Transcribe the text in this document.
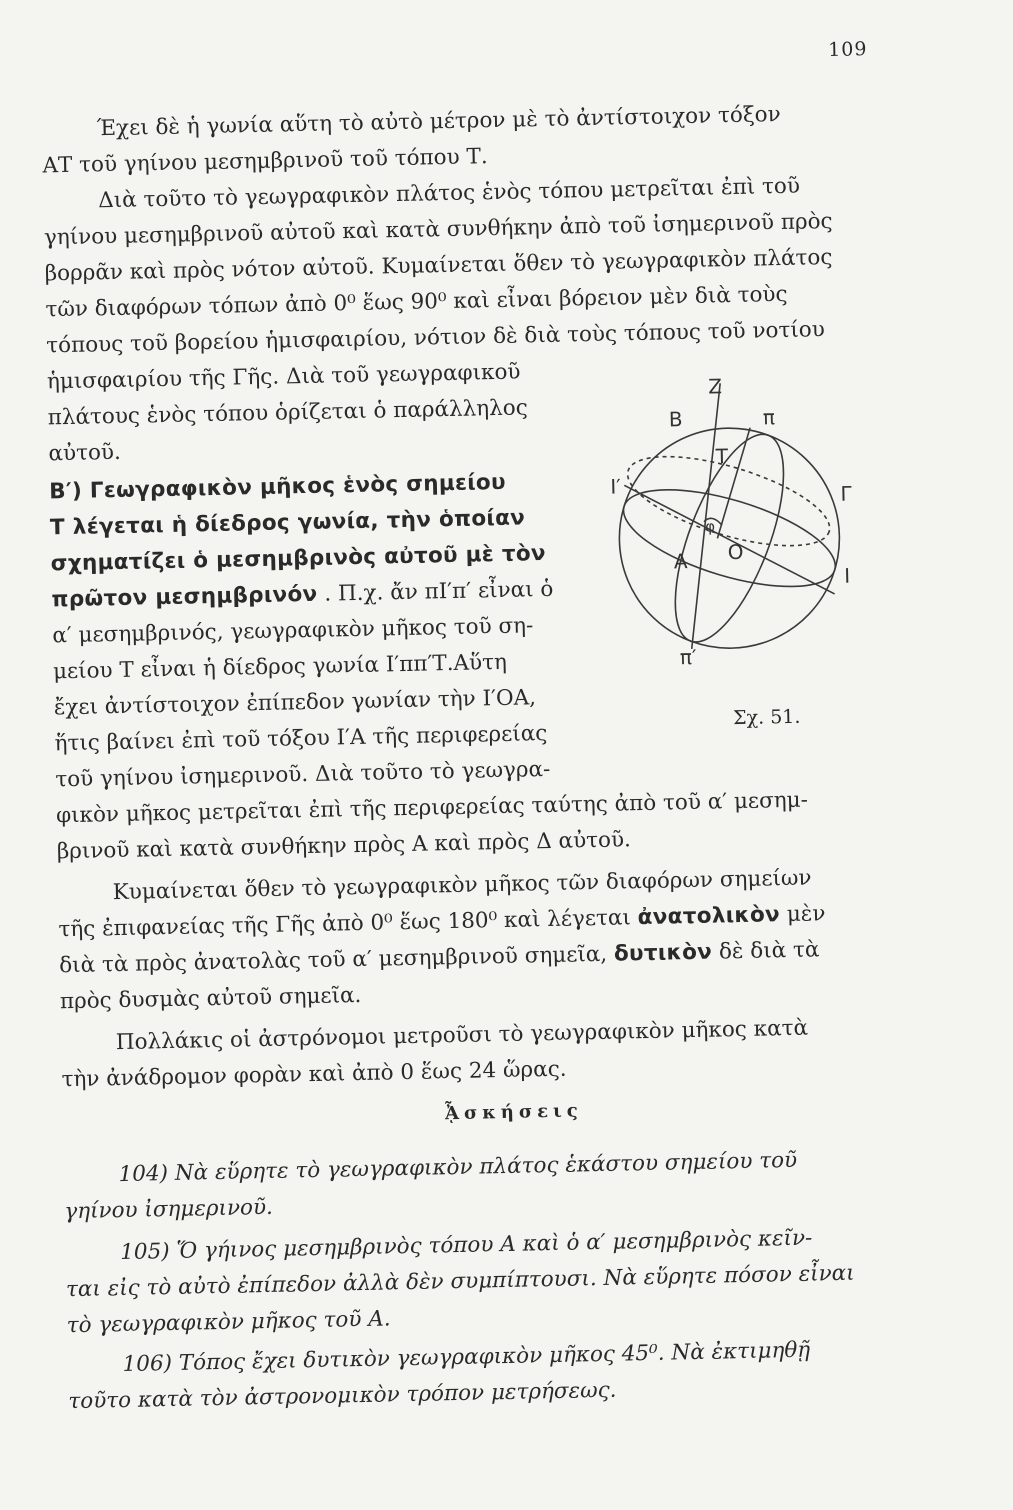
109
Έχει δὲ ἡ γωνία αὕτη τὸ αὐτὸ μέτρον μὲ τὸ ἀντίστοιχον τόξον
ΑΤ τοῦ γηίνου μεσημβρινοῦ τοῦ τόπου Τ.
Διὰ τοῦτο τὸ γεωγραφικὸν πλάτος ἑνὸς τόπου μετρεῖται ἐπὶ τοῦ
γηίνου μεσημβρινοῦ αὐτοῦ καὶ κατὰ συνθήκην ἀπὸ τοῦ ἰσημερινοῦ πρὸς
βορρᾶν καὶ πρὸς νότον αὐτοῦ. Κυμαίνεται ὅθεν τὸ γεωγραφικὸν πλάτος
τῶν διαφόρων τόπων ἀπὸ 0⁰ ἕως 90⁰ καὶ εἶναι βόρειον μὲν διὰ τοὺς
τόπους τοῦ βορείου ἡμισφαιρίου, νότιον δὲ διὰ τοὺς τόπους τοῦ νοτίου
ἡμισφαιρίου τῆς Γῆς. Διὰ τοῦ γεωγραφικοῦ
πλάτους ἑνὸς τόπου ὁρίζεται ὁ παράλληλος
αὐτοῦ.
Β′) Γεωγραφικὸν μῆκος ἑνὸς σημείου
Τ λέγεται ἡ δίεδρος γωνία, τὴν ὁποίαν
σχηματίζει ὁ μεσημβρινὸς αὐτοῦ μὲ τὸν
πρῶτον μεσημβρινόν . Π.χ. ἄν πΙ′π′ εἶναι ὁ
α′ μεσημβρινός, γεωγραφικὸν μῆκος τοῦ ση-
μείου Τ εἶναι ἡ δίεδρος γωνία Ι′ππ′Τ.Αὕτη
ἔχει ἀντίστοιχον ἐπίπεδον γωνίαν τὴν Ι′ΟΑ,
ἥτις βαίνει ἐπὶ τοῦ τόξου Ι′Α τῆς περιφερείας
τοῦ γηίνου ἰσημερινοῦ. Διὰ τοῦτο τὸ γεωγρα-
φικὸν μῆκος μετρεῖται ἐπὶ τῆς περιφερείας ταύτης ἀπὸ τοῦ α′ μεσημ-
βρινοῦ καὶ κατὰ συνθήκην πρὸς Α καὶ πρὸς Δ αὐτοῦ.
Κυμαίνεται ὅθεν τὸ γεωγραφικὸν μῆκος τῶν διαφόρων σημείων
τῆς ἐπιφανείας τῆς Γῆς ἀπὸ 0⁰ ἕως 180⁰ καὶ λέγεται ἀνατολικὸν μὲν
διὰ τὰ πρὸς ἀνατολὰς τοῦ α′ μεσημβρινοῦ σημεῖα, δυτικὸν δὲ διὰ τὰ
πρὸς δυσμὰς αὐτοῦ σημεῖα.
Πολλάκις οἱ ἀστρόνομοι μετροῦσι τὸ γεωγραφικὸν μῆκος κατὰ
τὴν ἀνάδρομον φορὰν καὶ ἀπὸ 0 ἕως 24 ὥρας.
ᾎσκήσεις
104) Νὰ εὕρητε τὸ γεωγραφικὸν πλάτος ἑκάστου σημείου τοῦ
γηίνου ἰσημερινοῦ.
105) Ὅ γήινος μεσημβρινὸς τόπου Α καὶ ὁ α′ μεσημβρινὸς κεῖν-
ται εἰς τὸ αὐτὸ ἐπίπεδον ἀλλὰ δὲν συμπίπτουσι. Νὰ εὕρητε πόσον εἶναι
τὸ γεωγραφικὸν μῆκος τοῦ Α.
106) Τόπος ἔχει δυτικὸν γεωγραφικὸν μῆκος 45⁰. Νὰ ἐκτιμηθῇ
τοῦτο κατὰ τὸν ἀστρονομικὸν τρόπον μετρήσεως.
Z
B	π
T
I′	Γ
φ
A O
I
π′
Σχ. 51.
